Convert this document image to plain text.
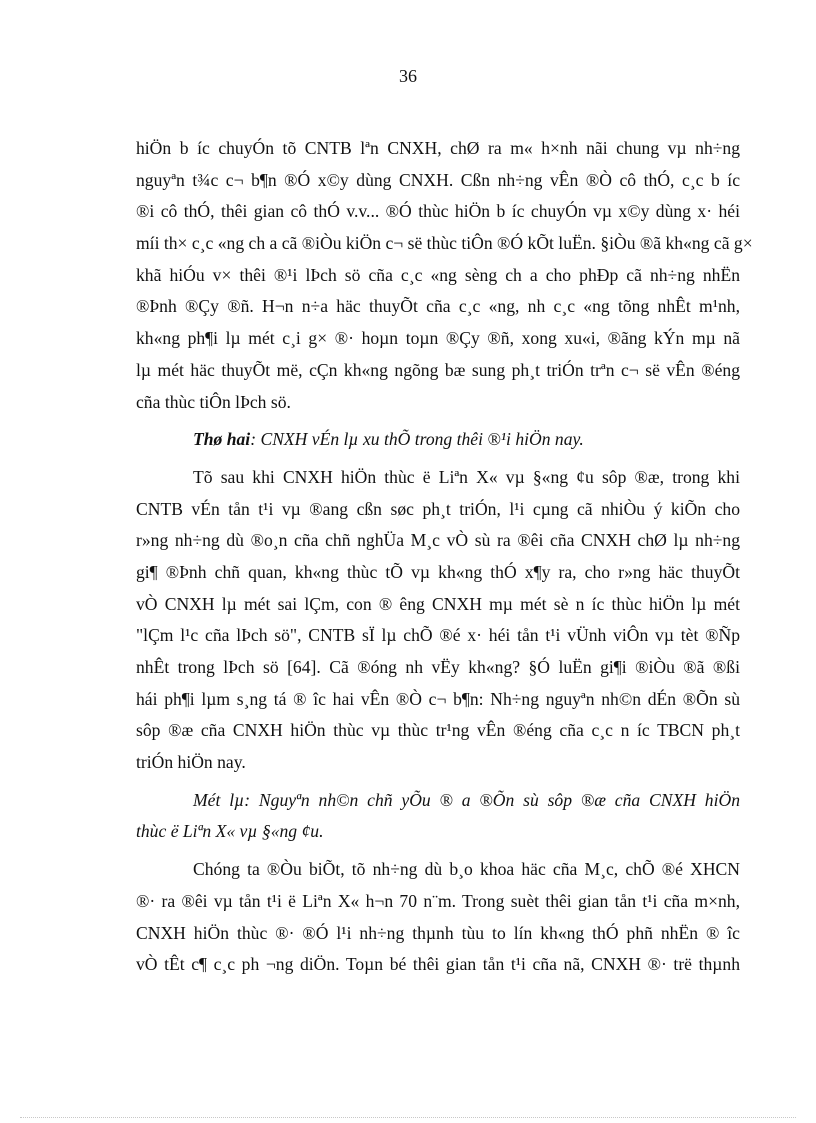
36
hiÖn b íc chuyÓn tõ CNTB lªn CNXH, chØ ra m« h×nh nãi chung vµ nh÷ng
nguyªn t¾c c¬ b¶n ®Ó x©y dùng CNXH. Cßn nh÷ng vÊn ®Ò cô thÓ, c¸c b íc
®i cô thÓ, thêi gian cô thÓ v.v... ®Ó thùc hiÖn b íc chuyÓn vµ x©y dùng x· héi
míi th× c¸c «ng ch a cã ®iÒu kiÖn c¬ së thùc tiÔn ®Ó kÕt luËn. §iÒu ®ã kh«ng cã g×
khã hiÓu v× thêi ®¹i lÞch sö cña c¸c «ng sèng ch a cho phÐp cã nh÷ng nhËn
®Þnh ®Çy ®ñ. H¬n n÷a häc thuyÕt cña c¸c «ng, nh c¸c «ng tõng nhÊt m¹nh,
kh«ng ph¶i lµ mét c¸i g× ®· hoµn toµn ®Çy ®ñ, xong xu«i, ®ãng kÝn mµ nã
lµ mét häc thuyÕt më, cÇn kh«ng ngõng bæ sung ph¸t triÓn trªn c¬ së vÊn ®éng
cña thùc tiÔn lÞch sö.
Thø hai: CNXH vÉn lµ xu thÕ trong thêi ®¹i hiÖn nay.
Tõ sau khi CNXH hiÖn thùc ë Liªn X« vµ §«ng ¢u sôp ®æ, trong khi
CNTB vÉn tån t¹i vµ ®ang cßn søc ph¸t triÓn, l¹i cµng cã nhiÒu ý kiÕn cho
r»ng nh÷ng dù ®o¸n cña chñ nghÜa M¸c vÒ sù ra ®êi cña CNXH chØ lµ nh÷ng
gi¶ ®Þnh chñ quan, kh«ng thùc tÕ vµ kh«ng thÓ x¶y ra, cho r»ng häc thuyÕt
vÒ CNXH lµ mét sai lÇm, con ® êng CNXH mµ mét sè n íc thùc hiÖn lµ mét
"lÇm l¹c cña lÞch sö", CNTB sÏ lµ chÕ ®é x· héi tån t¹i vÜnh viÔn vµ tèt ®Ñp
nhÊt trong lÞch sö [64]. Cã ®óng nh vËy kh«ng? §Ó luËn gi¶i ®iÒu ®ã ®ßi
hái ph¶i lµm s¸ng tá ® îc hai vÊn ®Ò c¬ b¶n: Nh÷ng nguyªn nh©n dÉn ®Õn sù
sôp ®æ cña CNXH hiÖn thùc vµ thùc tr¹ng vÊn ®éng cña c¸c n íc TBCN ph¸t
triÓn hiÖn nay.
Mét lµ: Nguyªn nh©n chñ yÕu ® a ®Õn sù sôp ®æ cña CNXH hiÖn
thùc ë Liªn X« vµ §«ng ¢u.
Chóng ta ®Òu biÕt, tõ nh÷ng dù b¸o khoa häc cña M¸c, chÕ ®é XHCN
®· ra ®êi vµ tån t¹i ë Liªn X« h¬n 70 n¨m. Trong suèt thêi gian tån t¹i cña m×nh,
CNXH hiÖn thùc ®· ®Ó l¹i nh÷ng thµnh tùu to lín kh«ng thÓ phñ nhËn ® îc
vÒ tÊt c¶ c¸c ph ¬ng diÖn. Toµn bé thêi gian tån t¹i cña nã, CNXH ®· trë thµnh
